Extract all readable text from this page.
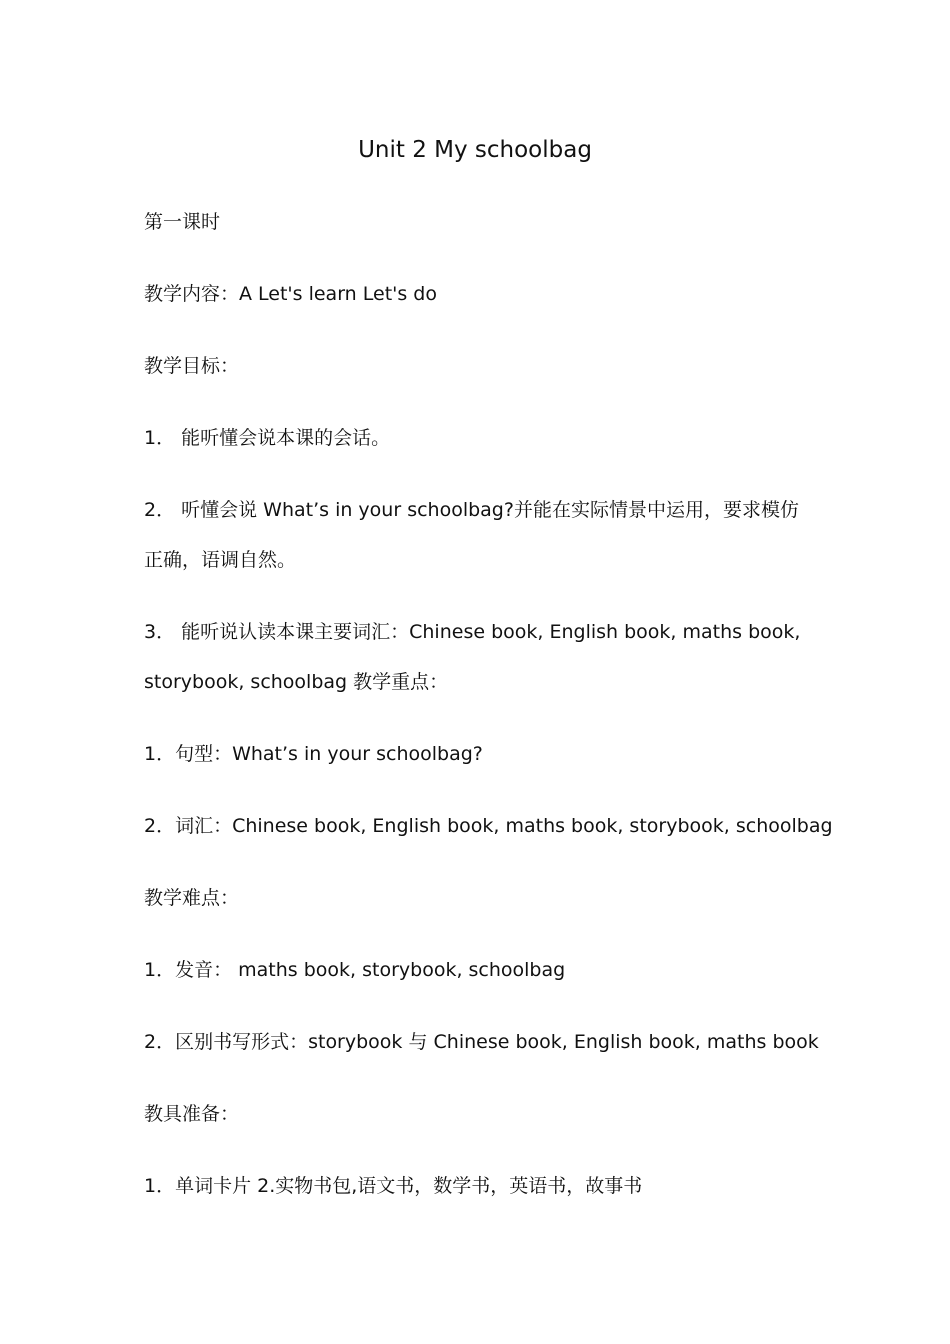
Unit 2 My schoolbag
第一课时
教学内容：A Let's learn Let's do
教学目标：
1． 能听懂会说本课的会话。
2． 听懂会说 What’s in your schoolbag?并能在实际情景中运用，要求模仿
正确，语调自然。
3． 能听说认读本课主要词汇：Chinese book, English book, maths book,
storybook, schoolbag 教学重点：
1．句型：What’s in your schoolbag?
2．词汇：Chinese book, English book, maths book, storybook, schoolbag
教学难点：
1．发音： maths book, storybook, schoolbag
2．区别书写形式：storybook 与 Chinese book, English book, maths book
教具准备：
1．单词卡片 2.实物书包,语文书，数学书，英语书，故事书
